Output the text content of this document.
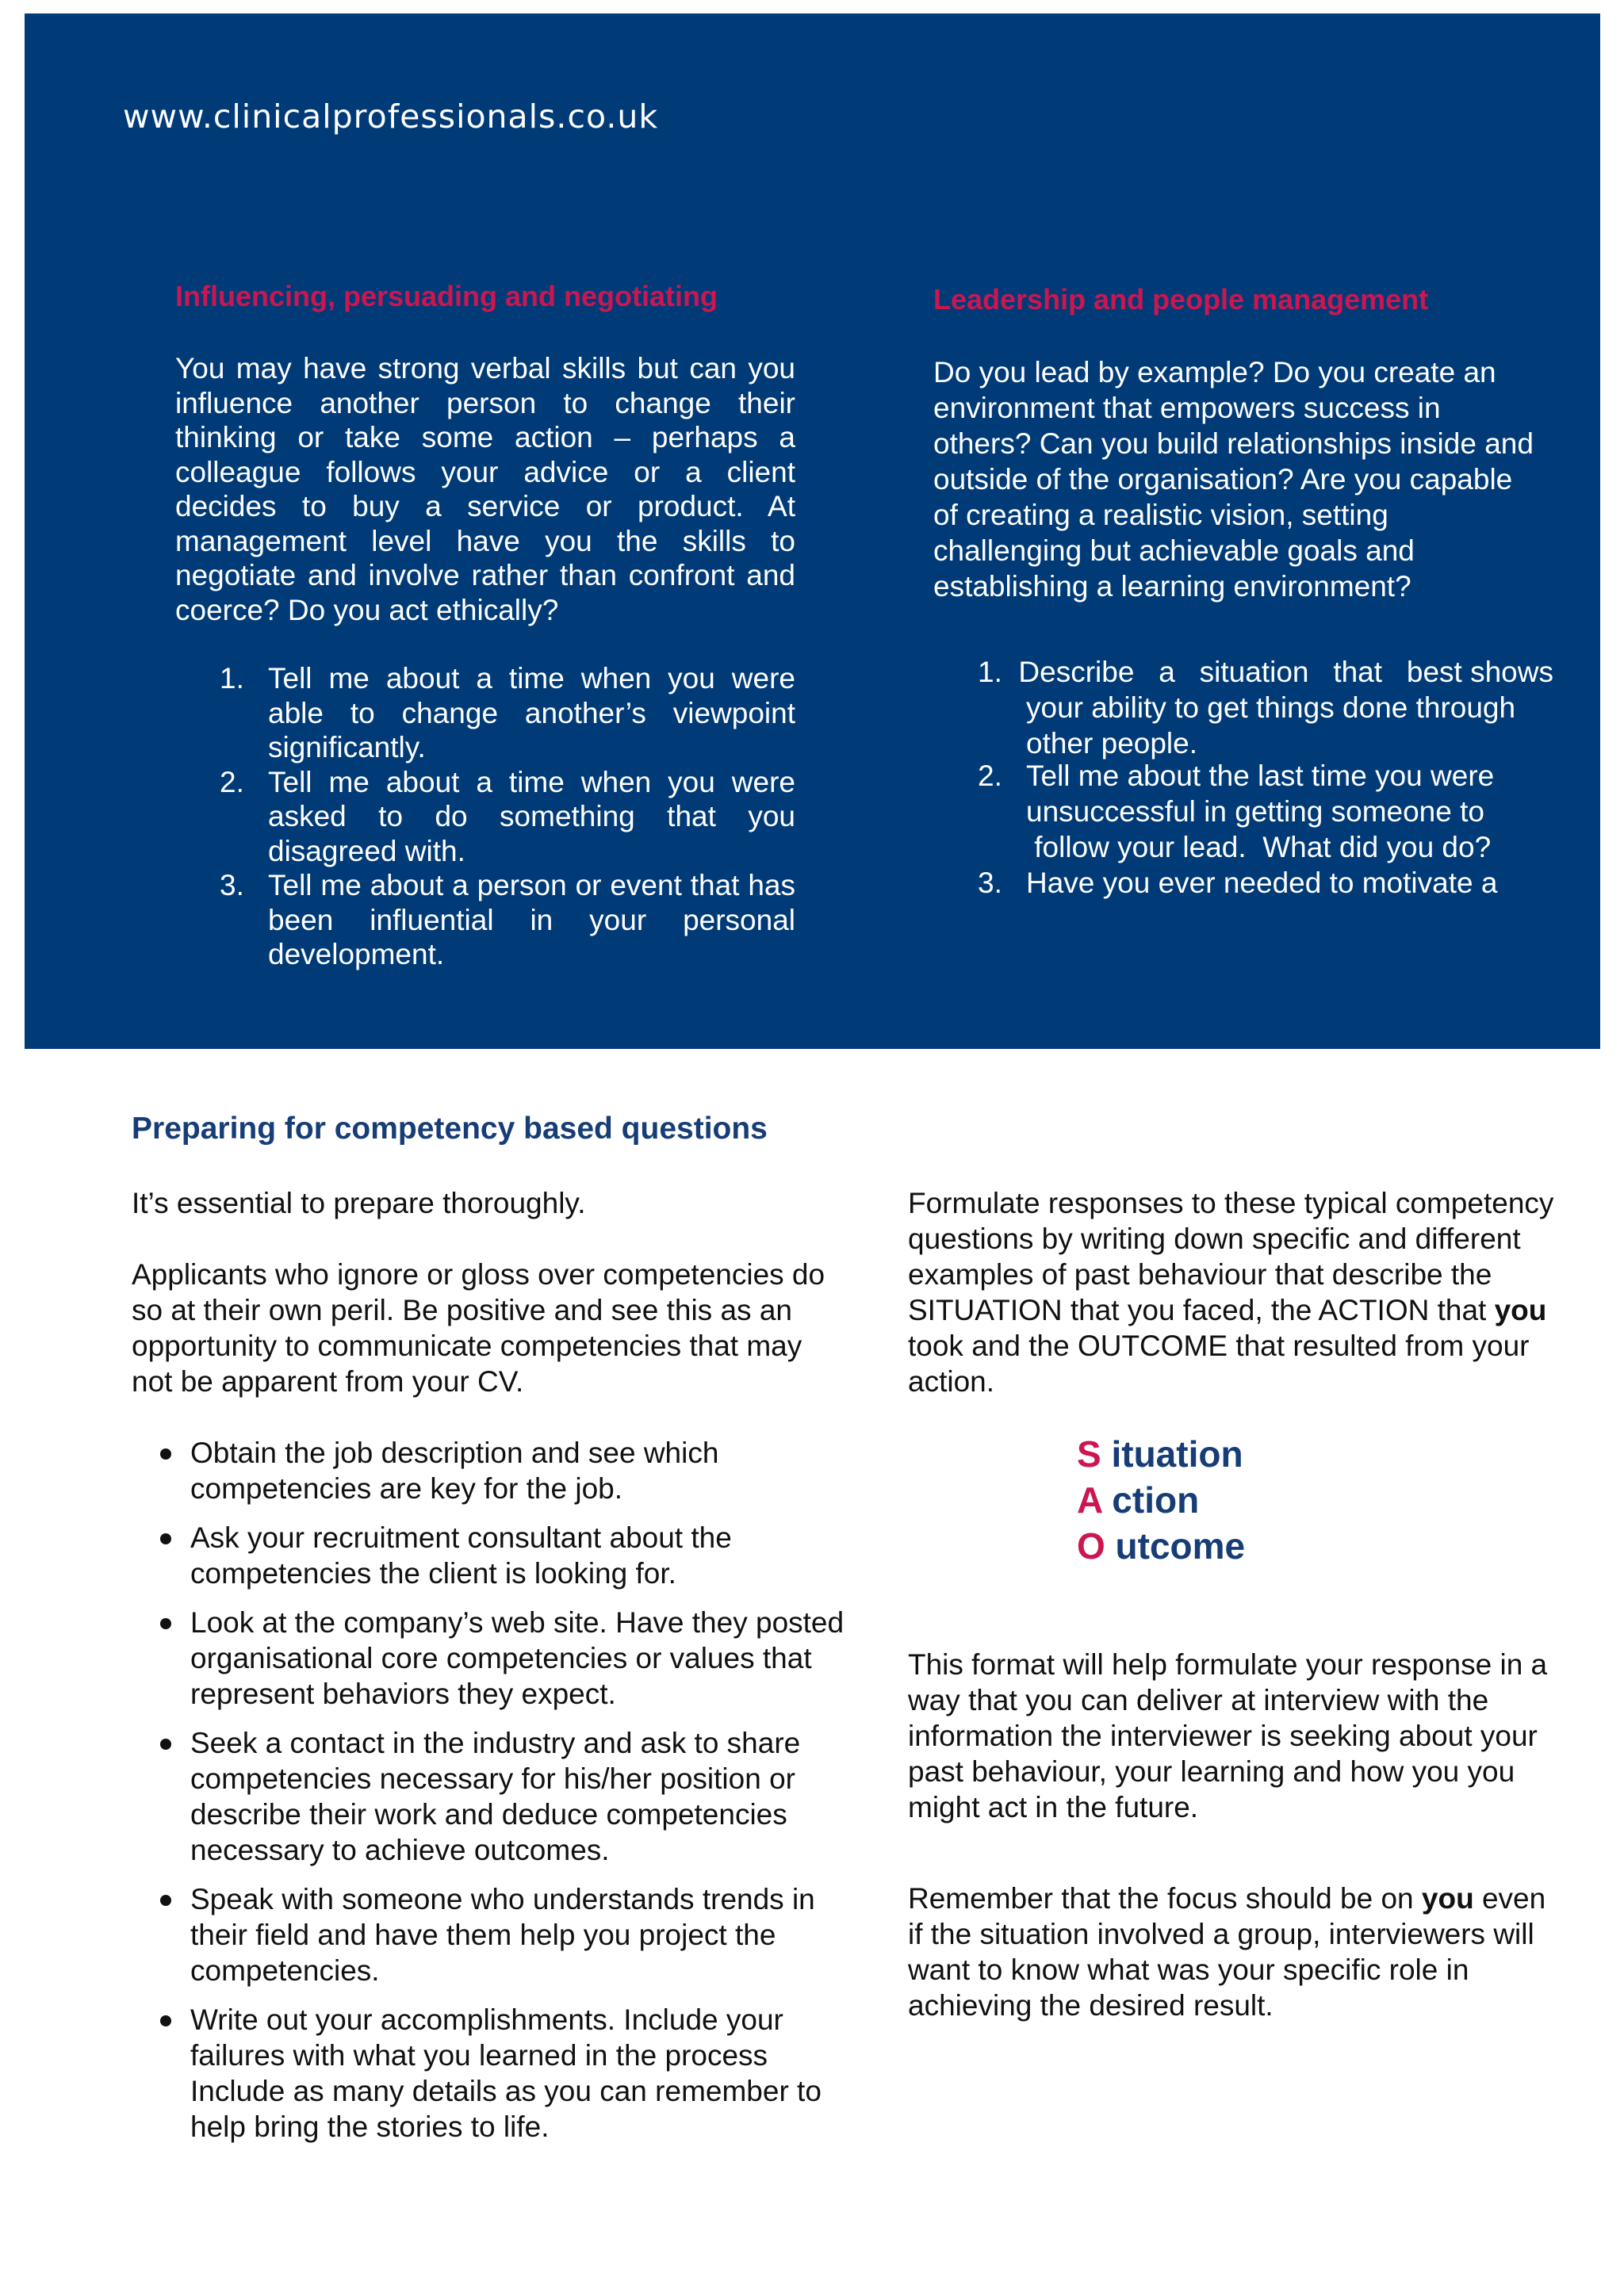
www.clinicalprofessionals.co.uk

Influencing, persuading and negotiating

You may have strong verbal skills but can you influence another person to change their thinking or take some action – perhaps a colleague follows your advice or a client decides to buy a service or product. At management level have you the skills to negotiate and involve rather than confront and coerce? Do you act ethically?

1. Tell me about a time when you were able to change another’s viewpoint significantly.
2. Tell me about a time when you were asked to do something that you disagreed with.
3. Tell me about a person or event that has been influential in your personal development.

Leadership and people management

Do you lead by example? Do you create an environment that empowers success in others? Can you build relationships inside and outside of the organisation? Are you capable of creating a realistic vision, setting challenging but achievable goals and establishing a learning environment?

1.  Describe   a   situation   that   best shows
your ability to get things done through
other people.
2. Tell me about the last time you were
unsuccessful in getting someone to
follow your lead.  What did you do?
3. Have you ever needed to motivate a
Preparing for competency based questions

It’s essential to prepare thoroughly.

Applicants who ignore or gloss over competencies do so at their own peril. Be positive and see this as an opportunity to communicate competencies that may not be apparent from your CV.

Obtain the job description and see which competencies are key for the job.
Ask your recruitment consultant about the competencies the client is looking for.
Look at the company’s web site. Have they posted organisational core competencies or values that represent behaviors they expect.
Seek a contact in the industry and ask to share competencies necessary for his/her position or describe their work and deduce competencies necessary to achieve outcomes.
Speak with someone who understands trends in their field and have them help you project the competencies.
Write out your accomplishments. Include your failures with what you learned in the process Include as many details as you can remember to help bring the stories to life.

Formulate responses to these typical competency questions by writing down specific and different examples of past behaviour that describe the SITUATION that you faced, the ACTION that you took and the OUTCOME that resulted from your action.

S ituation

A ction

O utcome

This format will help formulate your response in a way that you can deliver at interview with the information the interviewer is seeking about your past behaviour, your learning and how you you might act in the future.

Remember that the focus should be on you even if the situation involved a group, interviewers will want to know what was your specific role in achieving the desired result.
